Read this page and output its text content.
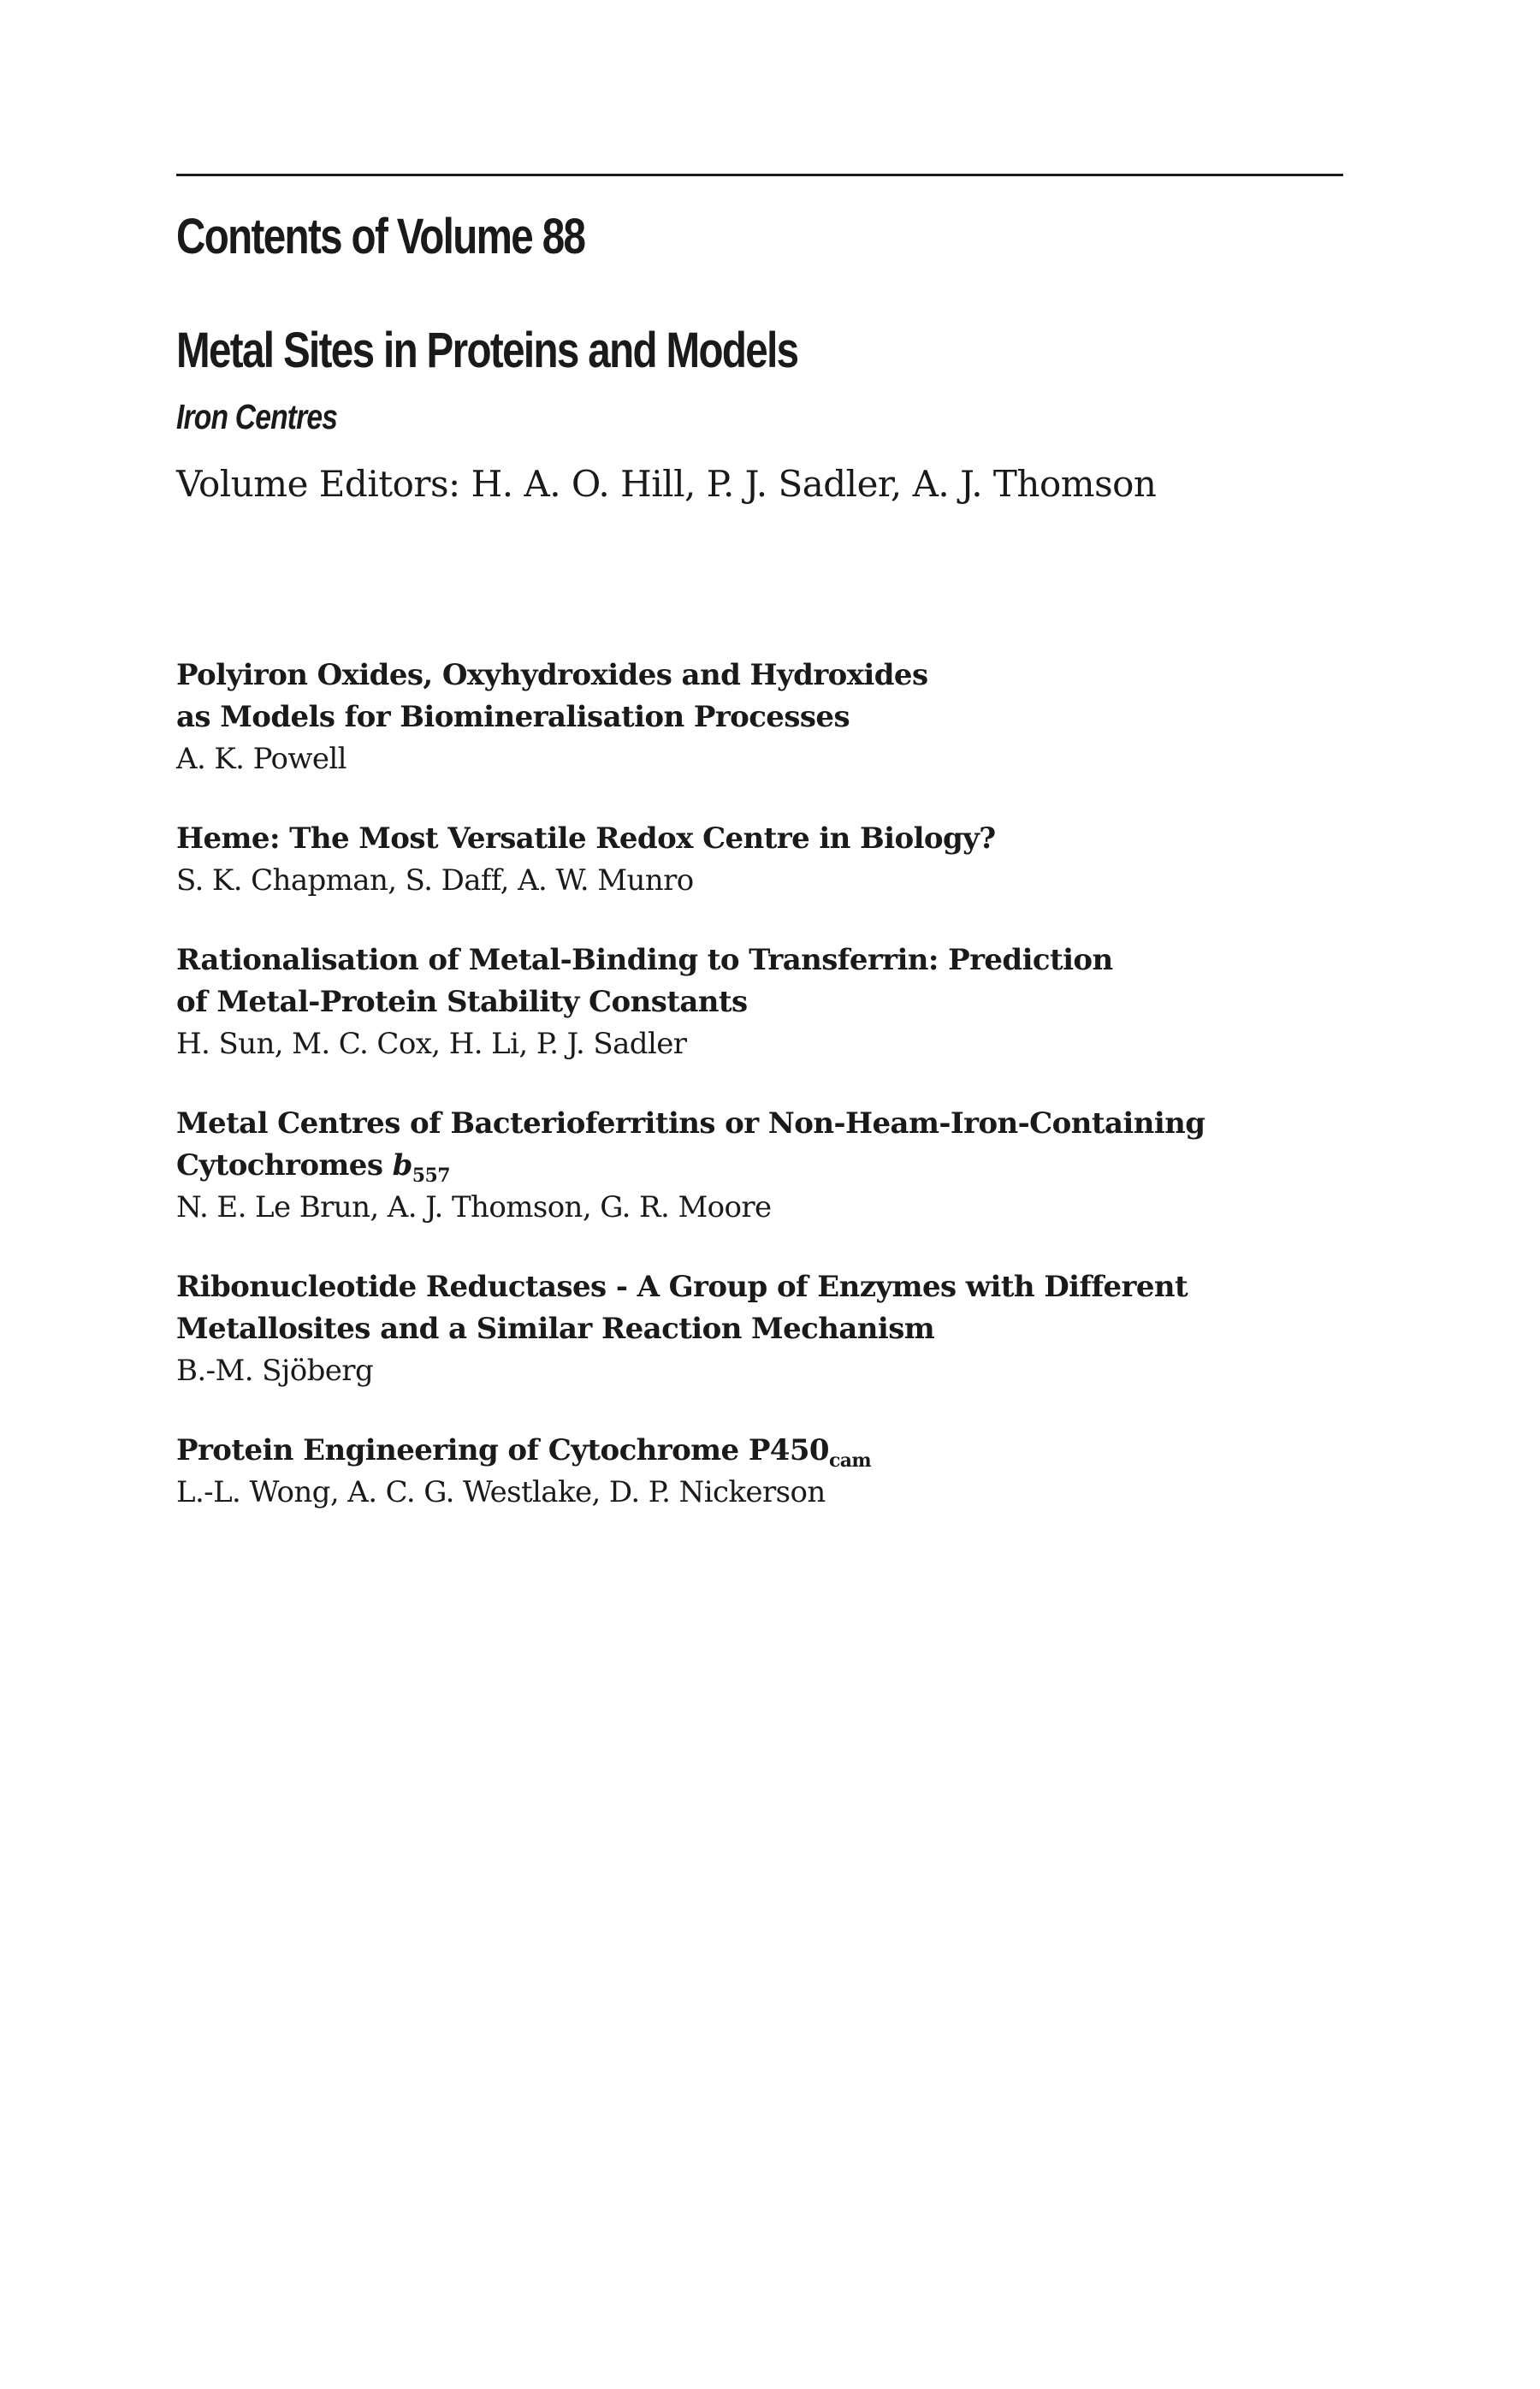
Contents of Volume 88
Metal Sites in Proteins and Models
Iron Centres
Volume Editors: H. A. O. Hill, P. J. Sadler, A. J. Thomson
Polyiron Oxides, Oxyhydroxides and Hydroxides
as Models for Biomineralisation Processes
A. K. Powell
Heme: The Most Versatile Redox Centre in Biology?
S. K. Chapman, S. Daff, A. W. Munro
Rationalisation of Metal-Binding to Transferrin: Prediction
of Metal-Protein Stability Constants
H. Sun, M. C. Cox, H. Li, P. J. Sadler
Metal Centres of Bacterioferritins or Non-Heam-Iron-Containing
Cytochromes $b_{557}$
N. E. Le Brun, A. J. Thomson, G. R. Moore
Ribonucleotide Reductases - A Group of Enzymes with Different
Metallosites and a Similar Reaction Mechanism
B.-M. Sjöberg
Protein Engineering of Cytochrome $P450_{cam}$
L.-L. Wong, A. C. G. Westlake, D. P. Nickerson
